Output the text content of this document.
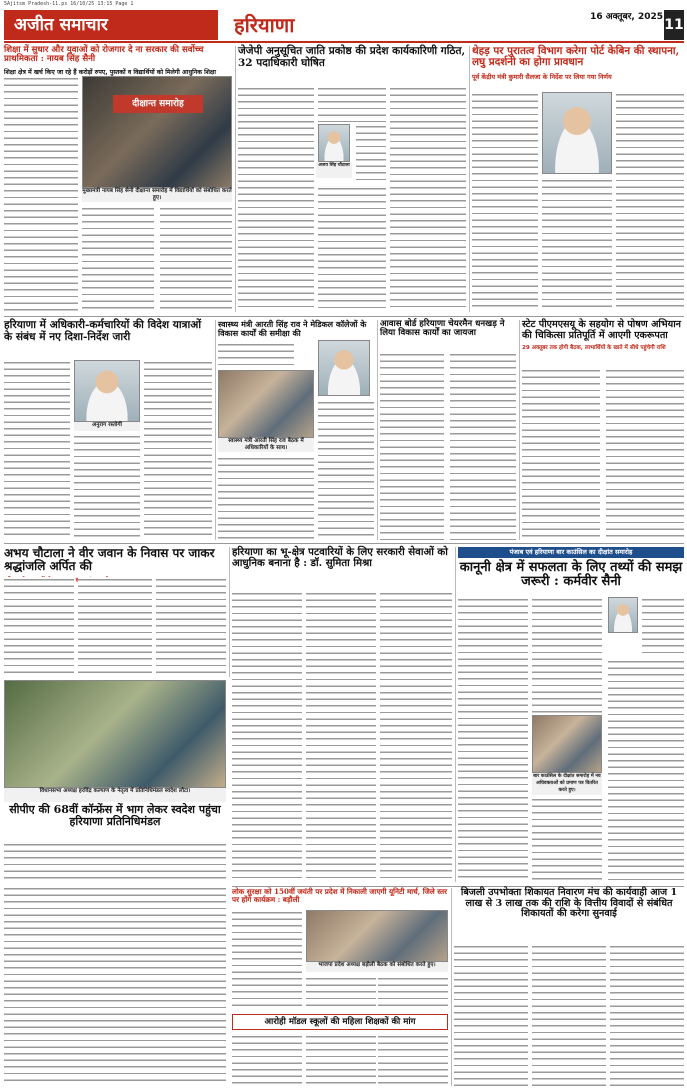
5Ajitsm Pradesh-11.ps 16/10/25 13:15 Page 1
अजीत समाचार	हरियाणा	16 अक्तूबर, 2025 11
शिक्षा में सुधार और युवाओं को रोजगार दे ना सरकार की सर्वोच्च प्राथमिकता : नायब सिंह सैनी
शिक्षा क्षेत्र में खर्च किए जा रहे हैं करोड़ों रुपए, पुस्तकों व विद्यार्थियों को मिलेगी आधुनिक शिक्षा
दीक्षान्त समारोह
मुख्यमंत्री नायब सिंह सैनी दीक्षान्त समारोह में विद्यार्थियों को संबोधित करते हुए।
जेजेपी अनुसूचित जाति प्रकोष्ठ की प्रदेश कार्यकारिणी गठित, 32 पदाधिकारी घोषित
अजय सिंह चौटाला
थेहड़ पर पुरातत्व विभाग करेगा पोर्ट केबिन की स्थापना, लघु प्रदर्शनी का होगा प्रावधान
पूर्व केंद्रीय मंत्री कुमारी सैलजा के निर्देश पर लिया गया निर्णय
हरियाणा में अधिकारी-कर्मचारियों की विदेश यात्राओं के संबंध में नए दिशा-निर्देश जारी
अनुराग रस्तोगी
स्वास्थ्य मंत्री आरती सिंह राव ने मेडिकल कॉलेजों के विकास कार्यों की समीक्षा की
स्वास्थ्य मंत्री आरती सिंह राव बैठक में अधिकारियों के साथ।
आवास बोर्ड हरियाणा चेयरमैन धनखड़ ने लिया विकास कार्यों का जायजा
स्टेट पीएमएसयू के सहयोग से पोषण अभियान की चिकित्सा प्रतिपूर्ति में आएगी एकरूपता
29 अक्तूबर तक होगी बैठक, लाभार्थियों के खाते में सीधे पहुंचेगी राशि
अभय चौटाला ने वीर जवान के निवास पर जाकर श्रद्धांजलि अर्पित की
हरियाणा का भू-क्षेत्र पटवारियों के लिए सरकारी सेवाओं को आधुनिक बनाना है : डॉ. सुमिता मिश्रा
पंजाब एवं हरियाणा बार काउंसिल का दीक्षांत समारोह
कानूनी क्षेत्र में सफलता के लिए तथ्यों की समझ जरूरी : कर्मवीर सैनी
बार काउंसिल के दीक्षांत समारोह में नव अधिवक्ताओं को प्रमाण पत्र वितरित करते हुए।
विधानसभा अध्यक्ष हरविंद्र कल्याण के नेतृत्व में प्रतिनिधिमंडल स्वदेश लौटा।
सीपीए की 68वीं कॉन्फ्रेंस में भाग लेकर स्वदेश पहुंचा हरियाणा प्रतिनिधिमंडल
लोक सुरक्षा को 150वीं जयंती पर प्रदेश में निकाली जाएगी यूनिटी मार्च, जिले स्तर पर होंगे कार्यक्रम : बड़ौली
भाजपा प्रदेश अध्यक्ष बड़ौली बैठक को संबोधित करते हुए।
आरोही मॉडल स्कूलों की महिला शिक्षकों की मांग
बिजली उपभोक्ता शिकायत निवारण मंच की कार्यवाही आज 1 लाख से 3 लाख तक की राशि के वित्तीय विवादों से संबंधित शिकायतों की करेगा सुनवाई
